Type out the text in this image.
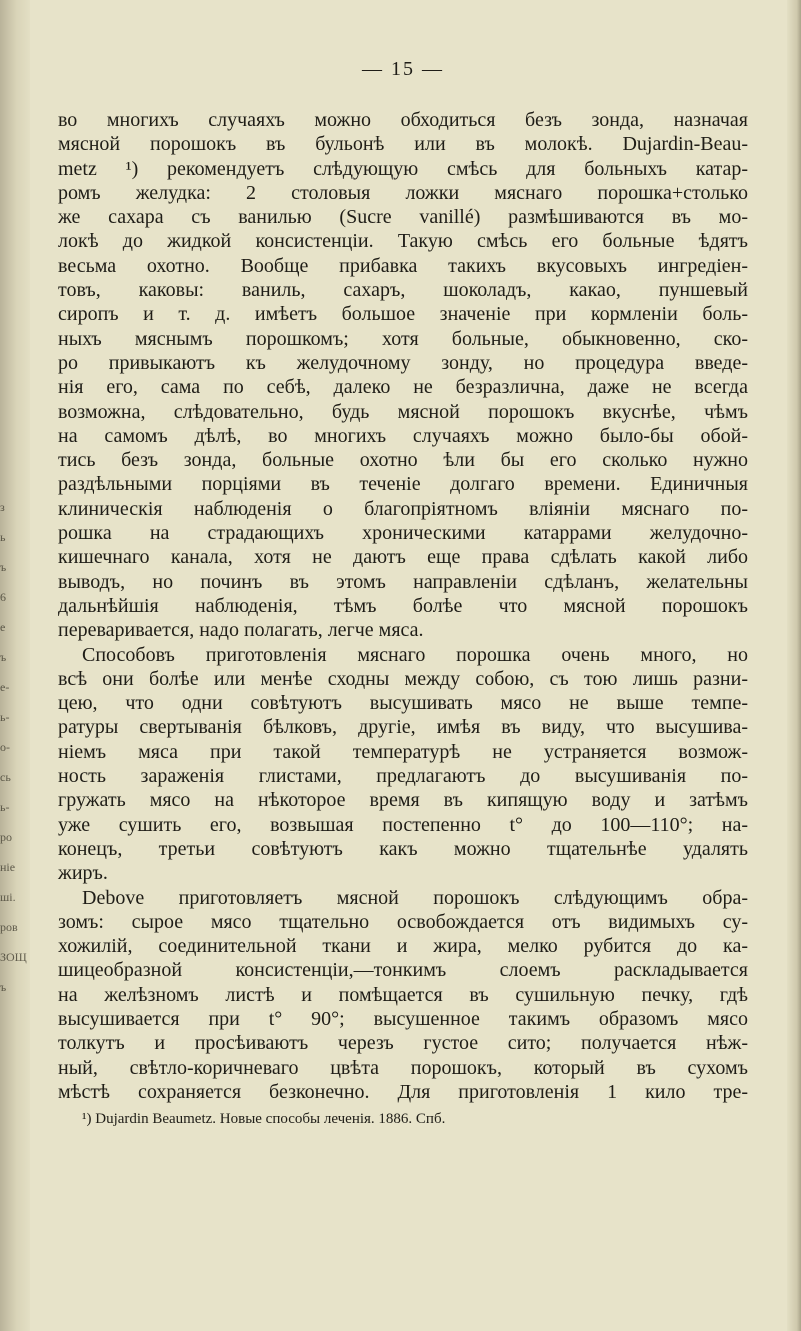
з
ь
ъ
6
е
ъ
е-
ь-
о-
сь
ь-
ро
ніе
ші.
ров
ЗОЩ
ъ
— 15 —
во многихъ случаяхъ можно обходиться безъ зонда, назначая
мясной порошокъ въ бульонѣ или въ молокѣ. Dujardin-Beau-
metz ¹) рекомендуетъ слѣдующую смѣсь для больныхъ катар-
ромъ желудка: 2 столовыя ложки мяснаго порошка+столько
же сахара съ ванилью (Sucre vanillé) размѣшиваются въ мо-
локѣ до жидкой консистенціи. Такую смѣсь его больные ѣдятъ
весьма охотно. Вообще прибавка такихъ вкусовыхъ ингредіен-
товъ, каковы: ваниль, сахаръ, шоколадъ, какао, пуншевый
сиропъ и т. д. имѣетъ большое значеніе при кормленіи боль-
ныхъ мяснымъ порошкомъ; хотя больные, обыкновенно, ско-
ро привыкаютъ къ желудочному зонду, но процедура введе-
нія его, сама по себѣ, далеко не безразлична, даже не всегда
возможна, слѣдовательно, будь мясной порошокъ вкуснѣе, чѣмъ
на самомъ дѣлѣ, во многихъ случаяхъ можно было-бы обой-
тись безъ зонда, больные охотно ѣли бы его сколько нужно
раздѣльными порціями въ теченіе долгаго времени. Единичныя
клиническія наблюденія о благопріятномъ вліяніи мяснаго по-
рошка на страдающихъ хроническими катаррами желудочно-
кишечнаго канала, хотя не даютъ еще права сдѣлать какой либо
выводъ, но починъ въ этомъ направленіи сдѣланъ, желательны
дальнѣйшія наблюденія, тѣмъ болѣе что мясной порошокъ
переваривается, надо полагать, легче мяса.
Способовъ приготовленія мяснаго порошка очень много, но
всѣ они болѣе или менѣе сходны между собою, съ тою лишь разни-
цею, что одни совѣтуютъ высушивать мясо не выше темпе-
ратуры свертыванія бѣлковъ, другіе, имѣя въ виду, что высушива-
ніемъ мяса при такой температурѣ не устраняется возмож-
ность зараженія глистами, предлагаютъ до высушиванія по-
гружать мясо на нѣкоторое время въ кипящую воду и затѣмъ
уже сушить его, возвышая постепенно t° до 100—110°; на-
конецъ, третьи совѣтуютъ какъ можно тщательнѣе удалять
жиръ.
Debove приготовляетъ мясной порошокъ слѣдующимъ обра-
зомъ: сырое мясо тщательно освобождается отъ видимыхъ су-
хожилій, соединительной ткани и жира, мелко рубится до ка-
шицеобразной консистенціи,—тонкимъ слоемъ раскладывается
на желѣзномъ листѣ и помѣщается въ сушильную печку, гдѣ
высушивается при t° 90°; высушенное такимъ образомъ мясо
толкутъ и просѣиваютъ черезъ густое сито; получается нѣж-
ный, свѣтло-коричневаго цвѣта порошокъ, который въ сухомъ
мѣстѣ сохраняется безконечно. Для приготовленія 1 кило тре-
¹) Dujardin Beaumetz. Новые способы леченія. 1886. Спб.
